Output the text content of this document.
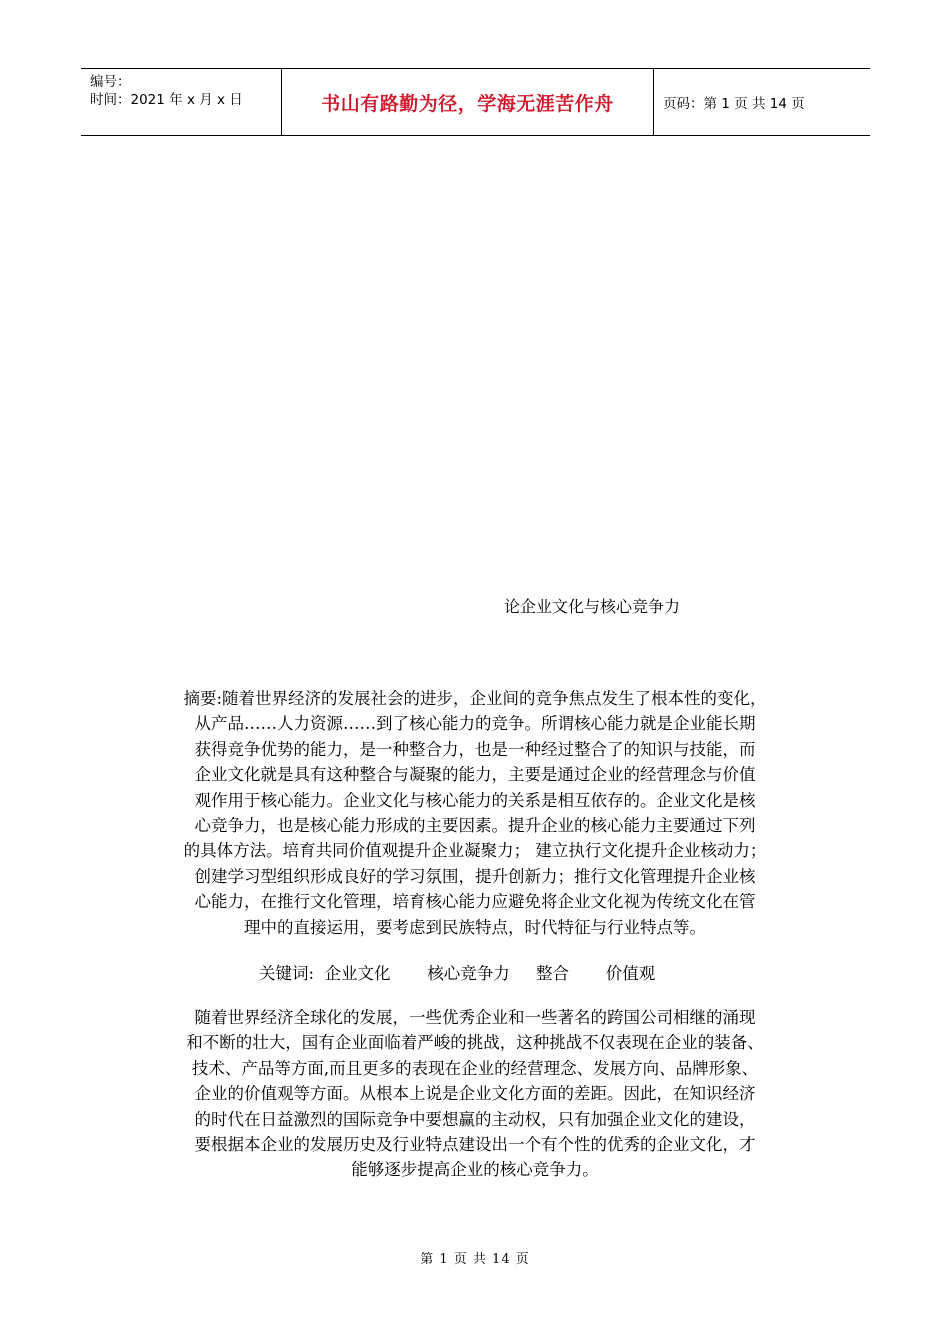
编号：
时间：2021 年 x 月 x 日	书山有路勤为径，学海无涯苦作舟	页码：第 1 页 共 14 页
论企业文化与核心竞争力
摘要:随着世界经济的发展社会的进步，企业间的竞争焦点发生了根本性的变化，
从产品……人力资源……到了核心能力的竞争。所谓核心能力就是企业能长期
获得竞争优势的能力，是一种整合力，也是一种经过整合了的知识与技能，而
企业文化就是具有这种整合与凝聚的能力，主要是通过企业的经营理念与价值
观作用于核心能力。企业文化与核心能力的关系是相互依存的。企业文化是核
心竞争力，也是核心能力形成的主要因素。提升企业的核心能力主要通过下列
的具体方法。培育共同价值观提升企业凝聚力； 建立执行文化提升企业核动力；
创建学习型组织形成良好的学习氛围，提升创新力；推行文化管理提升企业核
心能力，在推行文化管理，培育核心能力应避免将企业文化视为传统文化在管
理中的直接运用，要考虑到民族特点，时代特征与行业特点等。
关键词:  企业文化       核心竞争力     整合       价值观
随着世界经济全球化的发展，一些优秀企业和一些著名的跨国公司相继的涌现
和不断的壮大，国有企业面临着严峻的挑战，这种挑战不仅表现在企业的装备、
技术、产品等方面,而且更多的表现在企业的经营理念、发展方向、品牌形象、
企业的价值观等方面。从根本上说是企业文化方面的差距。因此，在知识经济
的时代在日益激烈的国际竞争中要想赢的主动权，只有加强企业文化的建设，
要根据本企业的发展历史及行业特点建设出一个有个性的优秀的企业文化，才
能够逐步提高企业的核心竞争力。
第 1 页 共 14 页
